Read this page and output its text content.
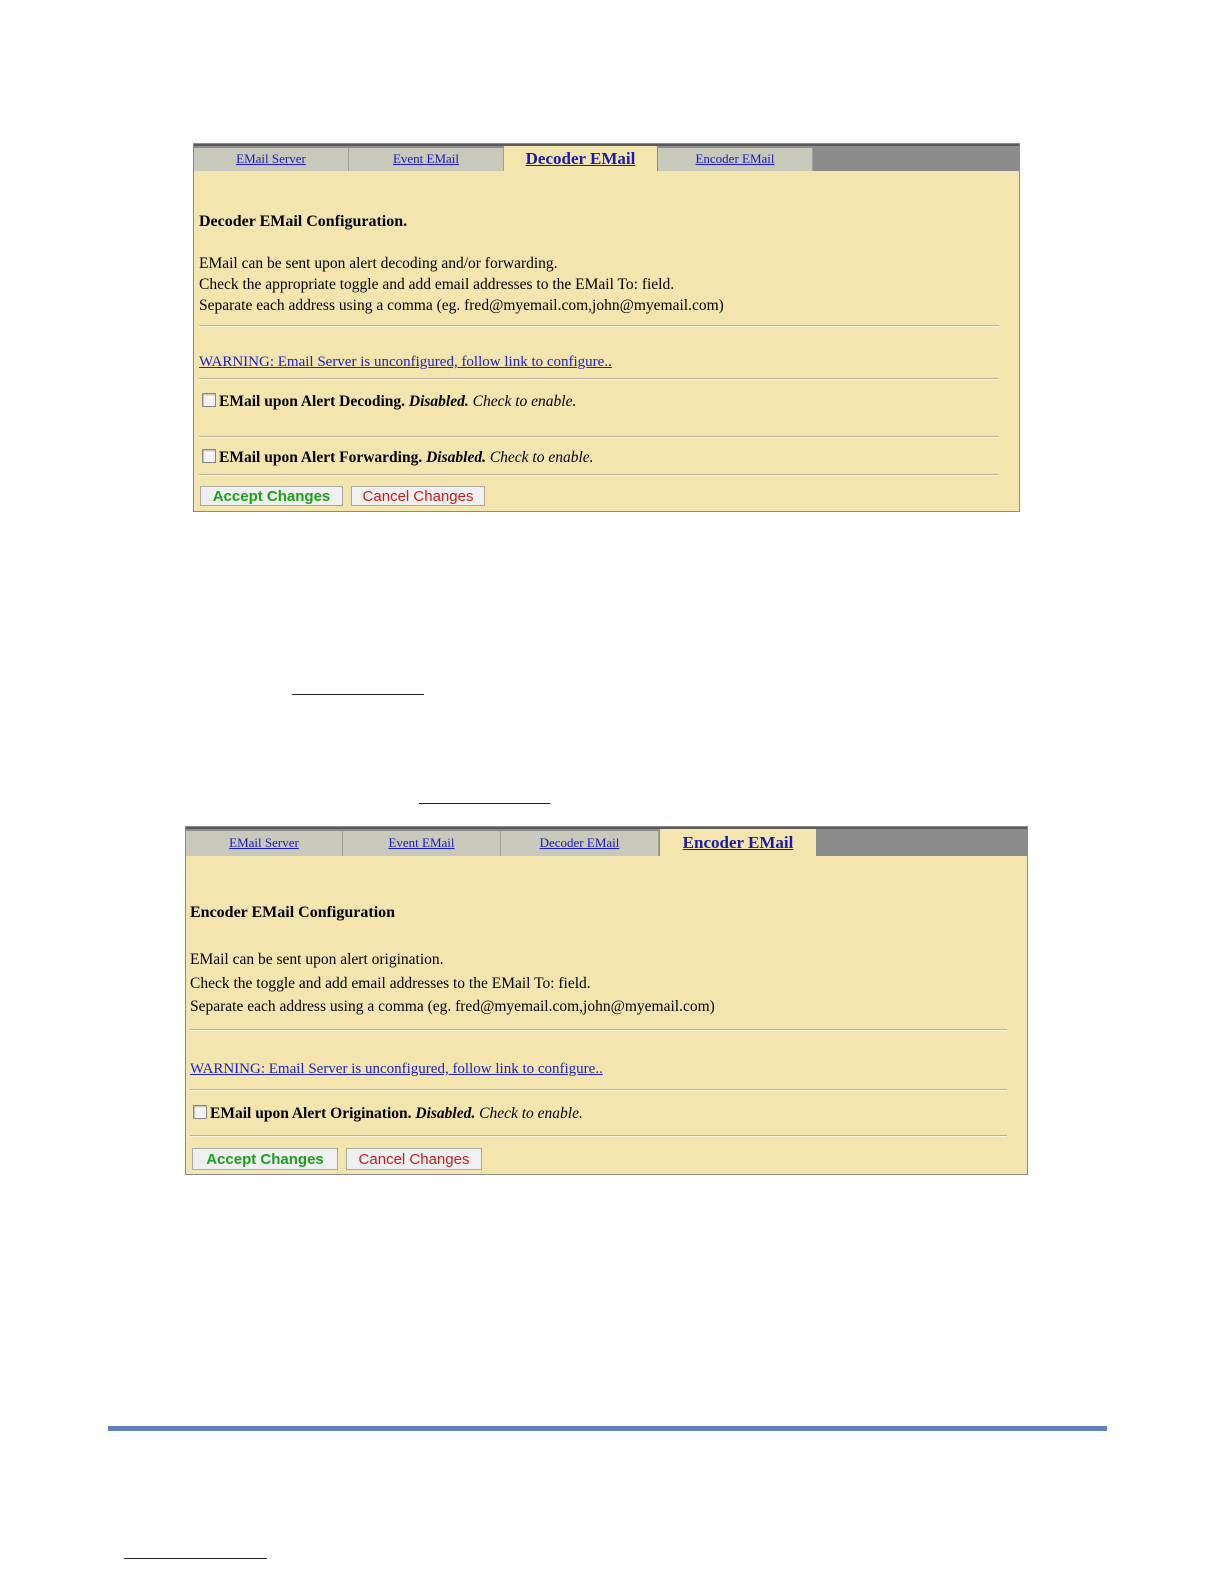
EMail Server	Event EMail	Decoder EMail	Encoder EMail
Decoder EMail Configuration.
EMail can be sent upon alert decoding and/or forwarding.
Check the appropriate toggle and add email addresses to the EMail To: field.
Separate each address using a comma (eg. fred@myemail.com,john@myemail.com)
WARNING: Email Server is unconfigured, follow link to configure..
EMail upon Alert Decoding. Disabled. Check to enable.
EMail upon Alert Forwarding. Disabled. Check to enable.
Accept Changes	Cancel Changes
EMail Server	Event EMail	Decoder EMail	Encoder EMail
Encoder EMail Configuration
EMail can be sent upon alert origination.
Check the toggle and add email addresses to the EMail To: field.
Separate each address using a comma (eg. fred@myemail.com,john@myemail.com)
WARNING: Email Server is unconfigured, follow link to configure..
EMail upon Alert Origination. Disabled. Check to enable.
Accept Changes	Cancel Changes
